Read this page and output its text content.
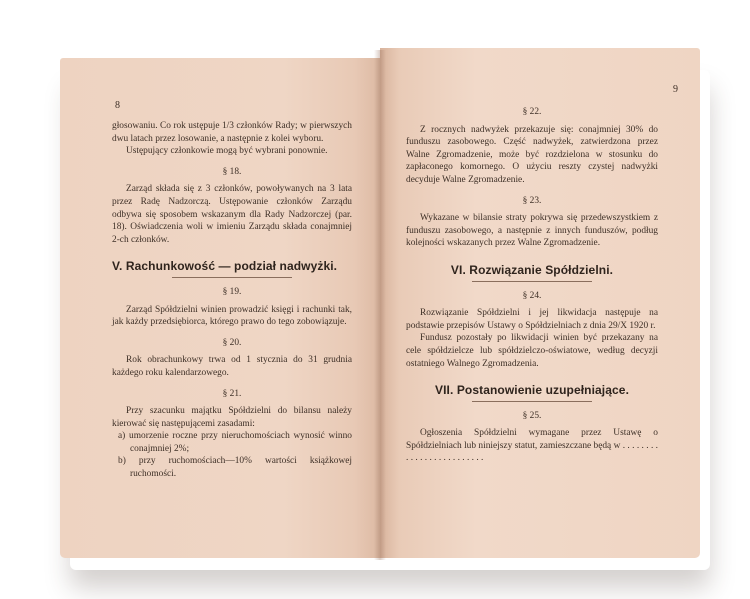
8

głosowaniu. Co rok ustępuje 1/3 członków Rady; w pierwszych dwu latach przez losowanie, a następnie z kolei wyboru.

Ustępujący członkowie mogą być wybrani ponownie.

§ 18.

Zarząd składa się z 3 członków, powoływanych na 3 lata przez Radę Nadzorczą. Ustępowanie członków Zarządu odbywa się sposobem wskazanym dla Rady Nadzorczej (par. 18). Oświadczenia woli w imieniu Zarządu składa conajmniej 2-ch członków.

V. Rachunkowość — podział nadwyżki.
§ 19.

Zarząd Spółdzielni winien prowadzić księgi i rachunki tak, jak każdy przedsiębiorca, którego prawo do tego zobowiązuje.

§ 20.

Rok obrachunkowy trwa od 1 stycznia do 31 grudnia każdego roku kalendarzowego.

§ 21.

Przy szacunku majątku Spółdzielni do bilansu należy kierować się następującemi zasadami:

a) umorzenie roczne przy nieruchomościach wynosić winno conajmniej 2%;
b) przy ruchomościach—10% wartości książkowej ruchomości.
9
§ 22.

Z rocznych nadwyżek przekazuje się: conajmniej 30% do funduszu zasobowego. Część nadwyżek, zatwierdzona przez Walne Zgromadzenie, może być rozdzielona w stosunku do zapłaconego komornego. O użyciu reszty czystej nadwyżki decyduje Walne Zgromadzenie.

§ 23.

Wykazane w bilansie straty pokrywa się przedewszystkiem z funduszu zasobowego, a następnie z innych funduszów, podług kolejności wskazanych przez Walne Zgromadzenie.

VI. Rozwiązanie Spółdzielni.
§ 24.

Rozwiązanie Spółdzielni i jej likwidacja następuje na podstawie przepisów Ustawy o Spółdzielniach z dnia 29/X 1920 r.

Fundusz pozostały po likwidacji winien być przekazany na cele spółdzielcze lub spółdzielczo-oświatowe, według decyzji ostatniego Walnego Zgromadzenia.

VII. Postanowienie uzupełniające.
§ 25.

Ogłoszenia Spółdzielni wymagane przez Ustawę o Spółdzielniach lub niniejszy statut, zamieszczane będą w . . . . . . . . . . . . . . . . . . . . . . . . .
